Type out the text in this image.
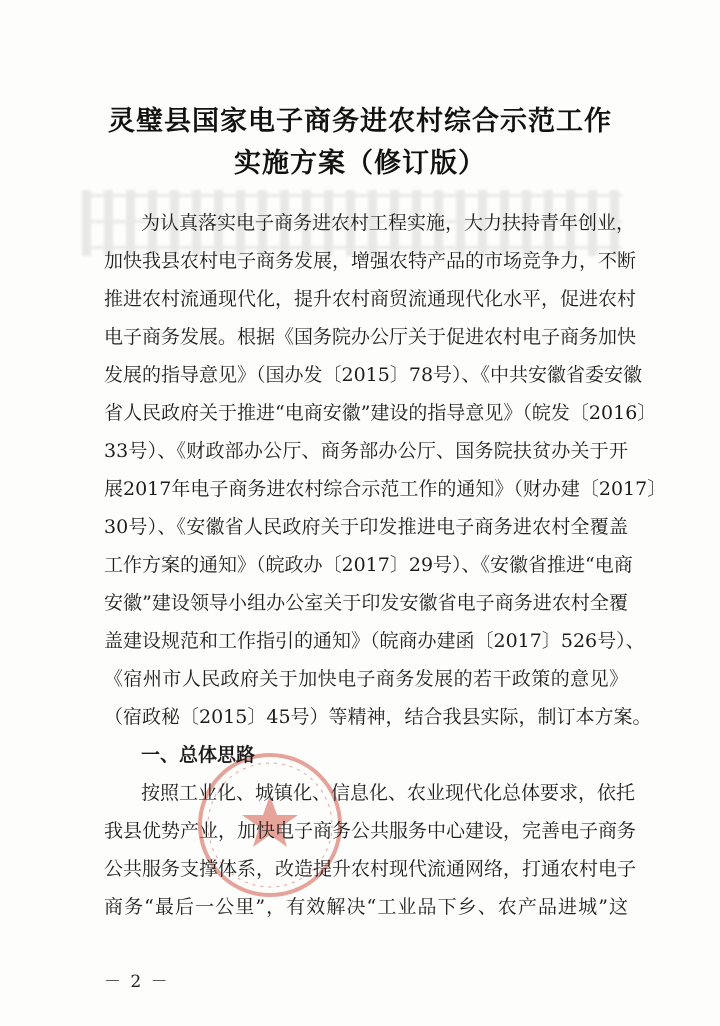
灵璧县国家电子商务进农村综合示范工作
实施方案（修订版）
为认真落实电子商务进农村工程实施，大力扶持青年创业，
加快我县农村电子商务发展，增强农特产品的市场竞争力，不断
推进农村流通现代化，提升农村商贸流通现代化水平，促进农村
电子商务发展。根据《国务院办公厅关于促进农村电子商务加快
发展的指导意见》（国办发〔2015〕78号）、《中共安徽省委安徽
省人民政府关于推进“电商安徽”建设的指导意见》（皖发〔2016〕
33号）、《财政部办公厅、商务部办公厅、国务院扶贫办关于开
展2017年电子商务进农村综合示范工作的通知》（财办建〔2017〕
30号）、《安徽省人民政府关于印发推进电子商务进农村全覆盖
工作方案的通知》（皖政办〔2017〕29号）、《安徽省推进“电商
安徽”建设领导小组办公室关于印发安徽省电子商务进农村全覆
盖建设规范和工作指引的通知》（皖商办建函〔2017〕526号）、
《宿州市人民政府关于加快电子商务发展的若干政策的意见》
（宿政秘〔2015〕45号）等精神，结合我县实际，制订本方案。
一、总体思路
按照工业化、城镇化、信息化、农业现代化总体要求，依托
我县优势产业，加快电子商务公共服务中心建设，完善电子商务
公共服务支撑体系，改造提升农村现代流通网络，打通农村电子
商务“最后一公里”，有效解决“工业品下乡、农产品进城”这
－ 2 －
